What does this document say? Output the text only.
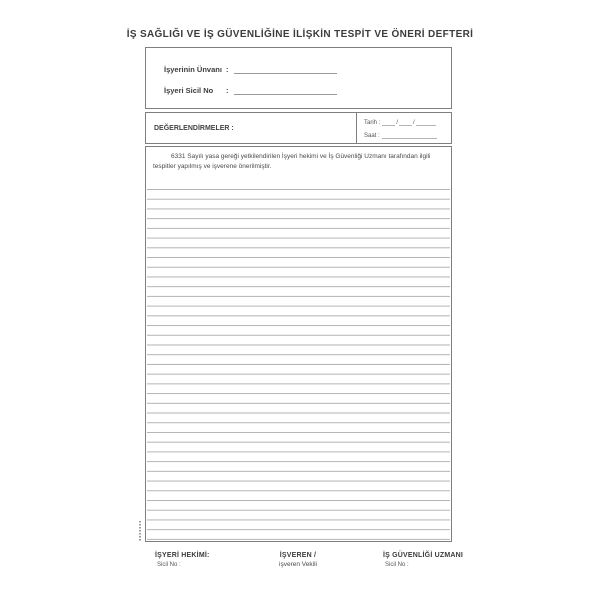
İŞ SAĞLIĞI VE İŞ GÜVENLİĞİNE İLİŞKİN TESPİT VE ÖNERİ DEFTERİ
İşyerinin Ünvanı :
İşyeri Sicil No	:
DEĞERLENDİRMELER :
Tarih :	/	/
Saat :
6331 Sayılı yasa gereği yetkilendirilen İşyeri hekimi ve İş Güvenliği Uzmanı tarafından ilgili tespitler yapılmış ve işverene önerilmiştir.
İŞYERİ HEKİMİ:
Sicil No :
İŞVEREN /
işveren Vekili
İŞ GÜVENLİĞİ UZMANI
Sicil No :
